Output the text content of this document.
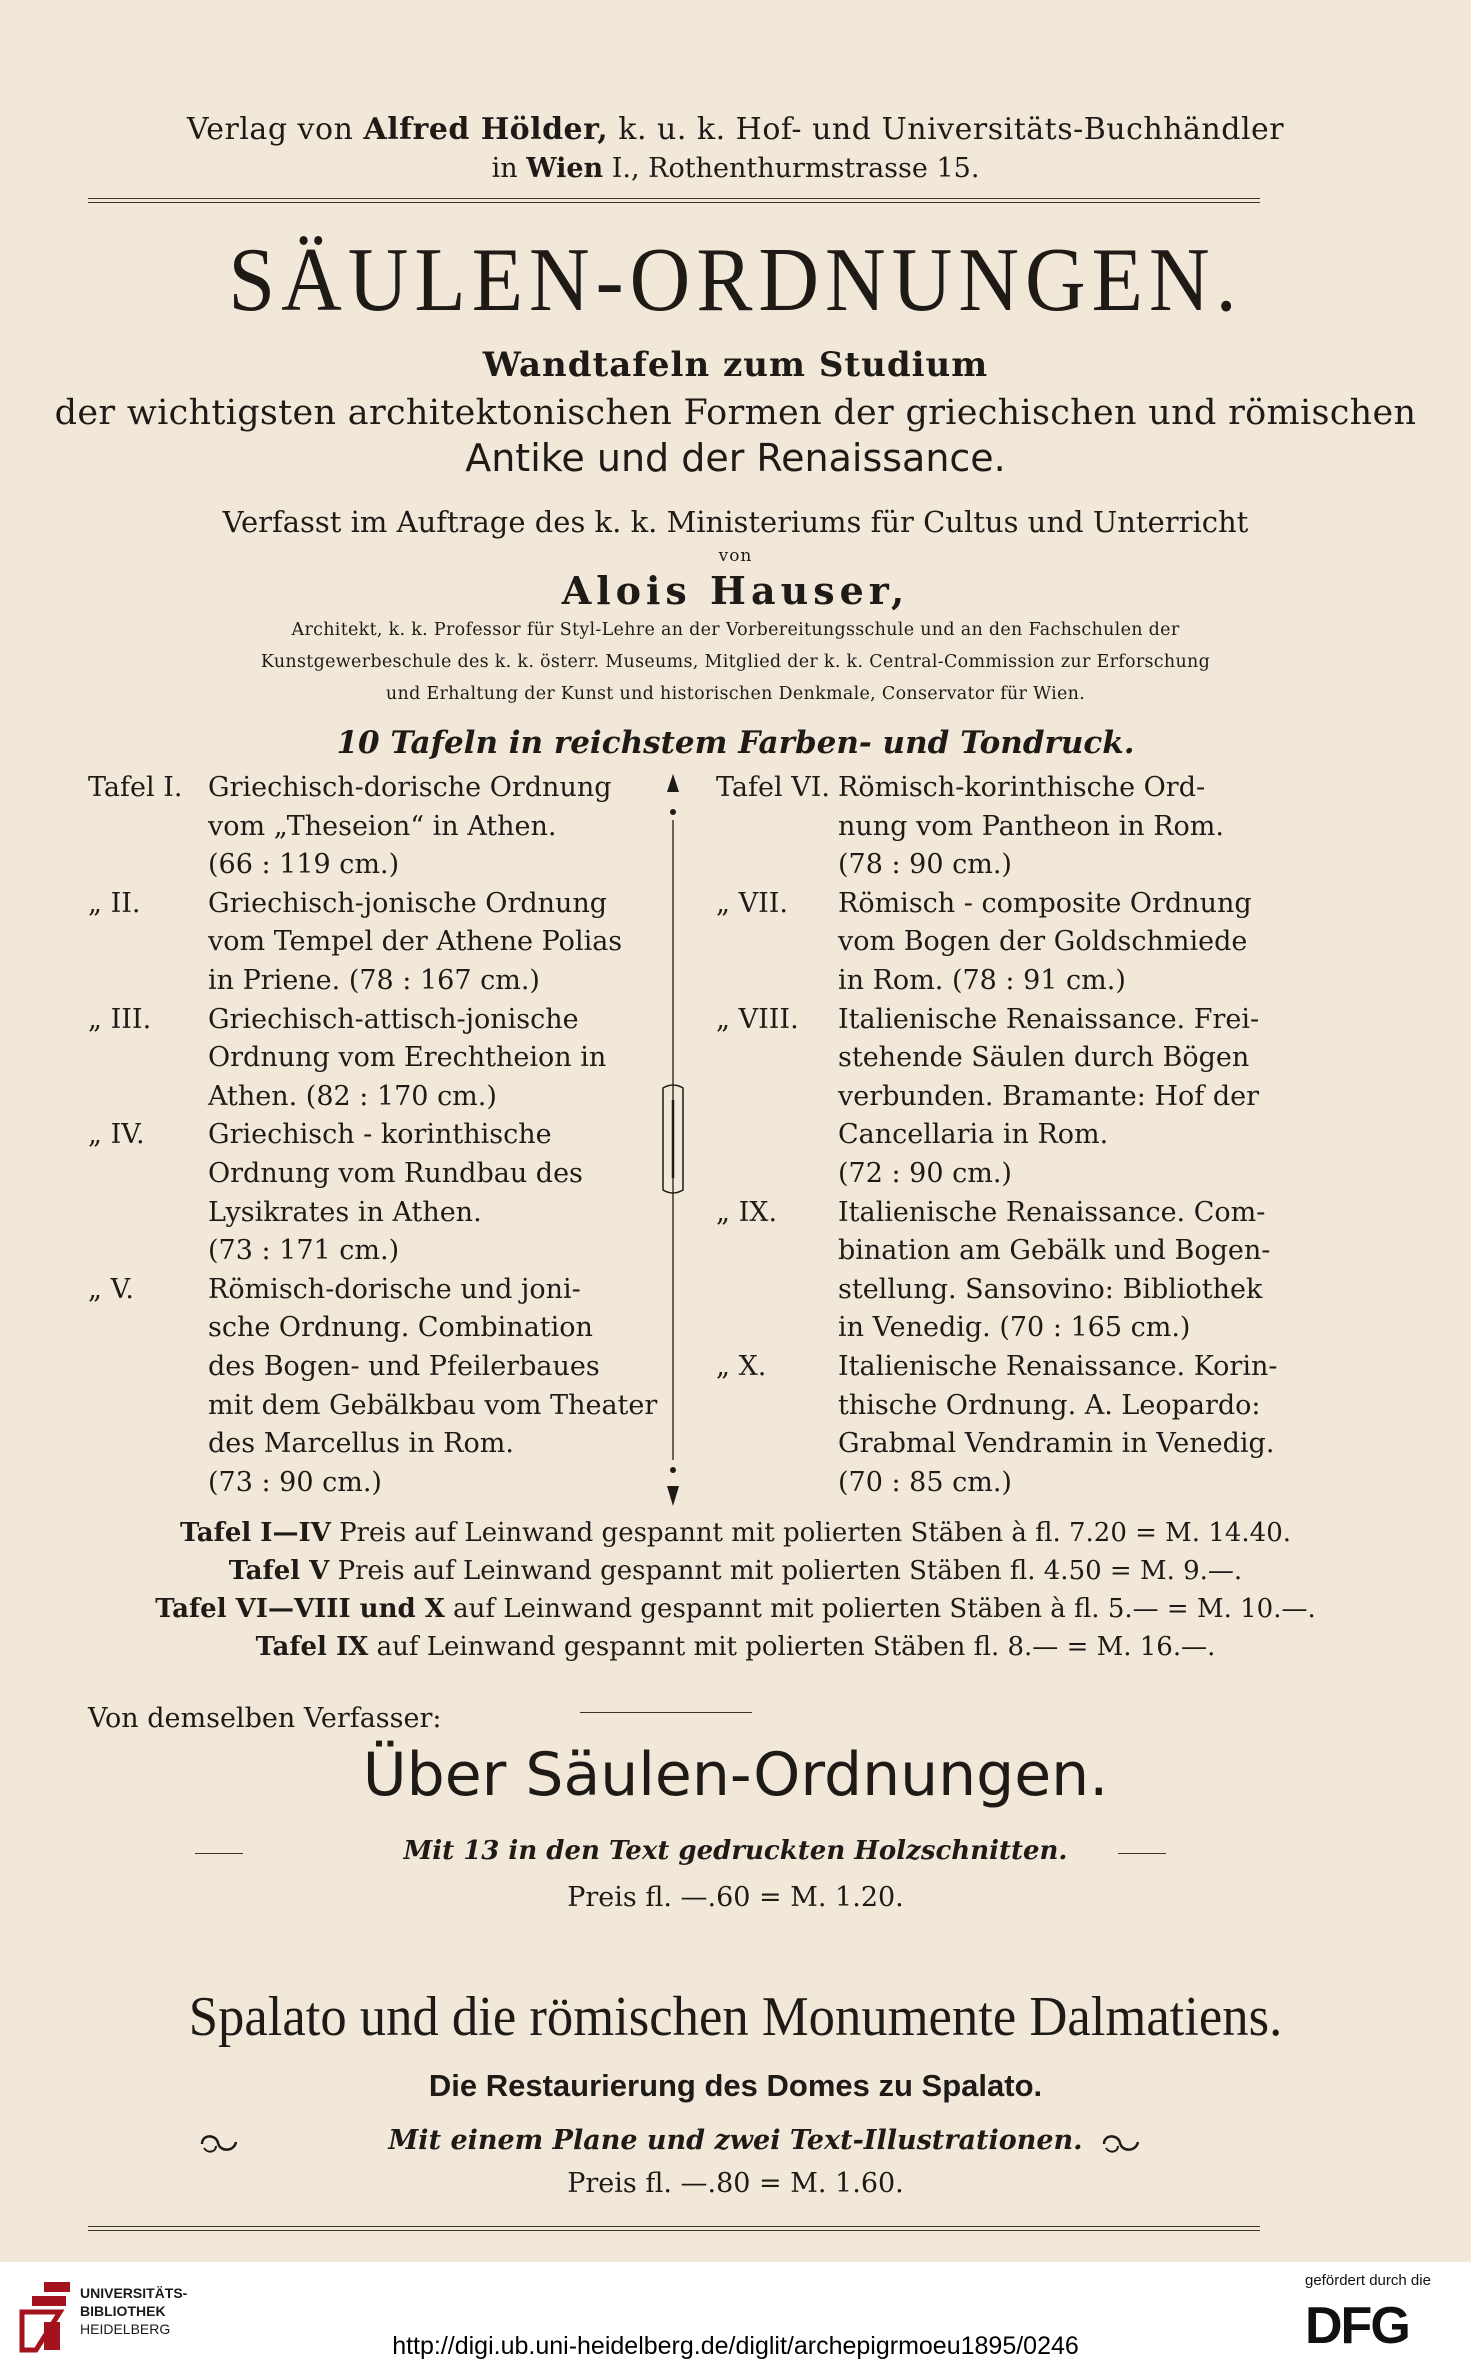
Verlag von Alfred Hölder, k. u. k. Hof- und Universitäts-Buchhändler
in Wien I., Rothenthurmstrasse 15.
SÄULEN-ORDNUNGEN.
Wandtafeln zum Studium
der wichtigsten architektonischen Formen der griechischen und römischen
Antike und der Renaissance.
Verfasst im Auftrage des k. k. Ministeriums für Cultus und Unterricht
von
Alois Hauser,
Architekt, k. k. Professor für Styl-Lehre an der Vorbereitungsschule und an den Fachschulen der
Kunstgewerbeschule des k. k. österr. Museums, Mitglied der k. k. Central-Commission zur Erforschung
und Erhaltung der Kunst und historischen Denkmale, Conservator für Wien.
10 Tafeln in reichstem Farben- und Tondruck.
Tafel I. Griechisch-dorische Ordnung
vom „Theseion“ in Athen.
(66 : 119 cm.)
„ II.	Griechisch-jonische Ordnung
vom Tempel der Athene Polias
in Priene. (78 : 167 cm.)
„ III. Griechisch-attisch-jonische
Ordnung vom Erechtheion in
Athen. (82 : 170 cm.)
„ IV. Griechisch - korinthische
Ordnung vom Rundbau des
Lysikrates in Athen.
(73 : 171 cm.)
„ V.	Römisch-dorische und joni-
sche Ordnung. Combination
des Bogen- und Pfeilerbaues
mit dem Gebälkbau vom Theater
des Marcellus in Rom.
(73 : 90 cm.)
Tafel VI. Römisch-korinthische Ord-
nung vom Pantheon in Rom.
(78 : 90 cm.)
„ VII. Römisch - composite Ordnung
vom Bogen der Goldschmiede
in Rom. (78 : 91 cm.)
„ VIII. Italienische Renaissance. Frei-
stehende Säulen durch Bögen
verbunden. Bramante: Hof der
Cancellaria in Rom.
(72 : 90 cm.)
„ IX. Italienische Renaissance. Com-
bination am Gebälk und Bogen-
stellung. Sansovino: Bibliothek
in Venedig. (70 : 165 cm.)
„ X.	Italienische Renaissance. Korin-
thische Ordnung. A. Leopardo:
Grabmal Vendramin in Venedig.
(70 : 85 cm.)
Tafel I—IV Preis auf Leinwand gespannt mit polierten Stäben à fl. 7.20 = M. 14.40.
Tafel V Preis auf Leinwand gespannt mit polierten Stäben fl. 4.50 = M. 9.—.
Tafel VI—VIII und X auf Leinwand gespannt mit polierten Stäben à fl. 5.— = M. 10.—.
Tafel IX auf Leinwand gespannt mit polierten Stäben fl. 8.— = M. 16.—.
Von demselben Verfasser:
Über Säulen-Ordnungen.
Mit 13 in den Text gedruckten Holzschnitten.
Preis fl. —.60 = M. 1.20.
Spalato und die römischen Monumente Dalmatiens.
Die Restaurierung des Domes zu Spalato.
Mit einem Plane und zwei Text-Illustrationen.
Preis fl. —.80 = M. 1.60.
UNIVERSITÄTS-
BIBLIOTHEK
HEIDELBERG
http://digi.ub.uni-heidelberg.de/diglit/archepigrmoeu1895/0246
gefördert durch die
DFG
